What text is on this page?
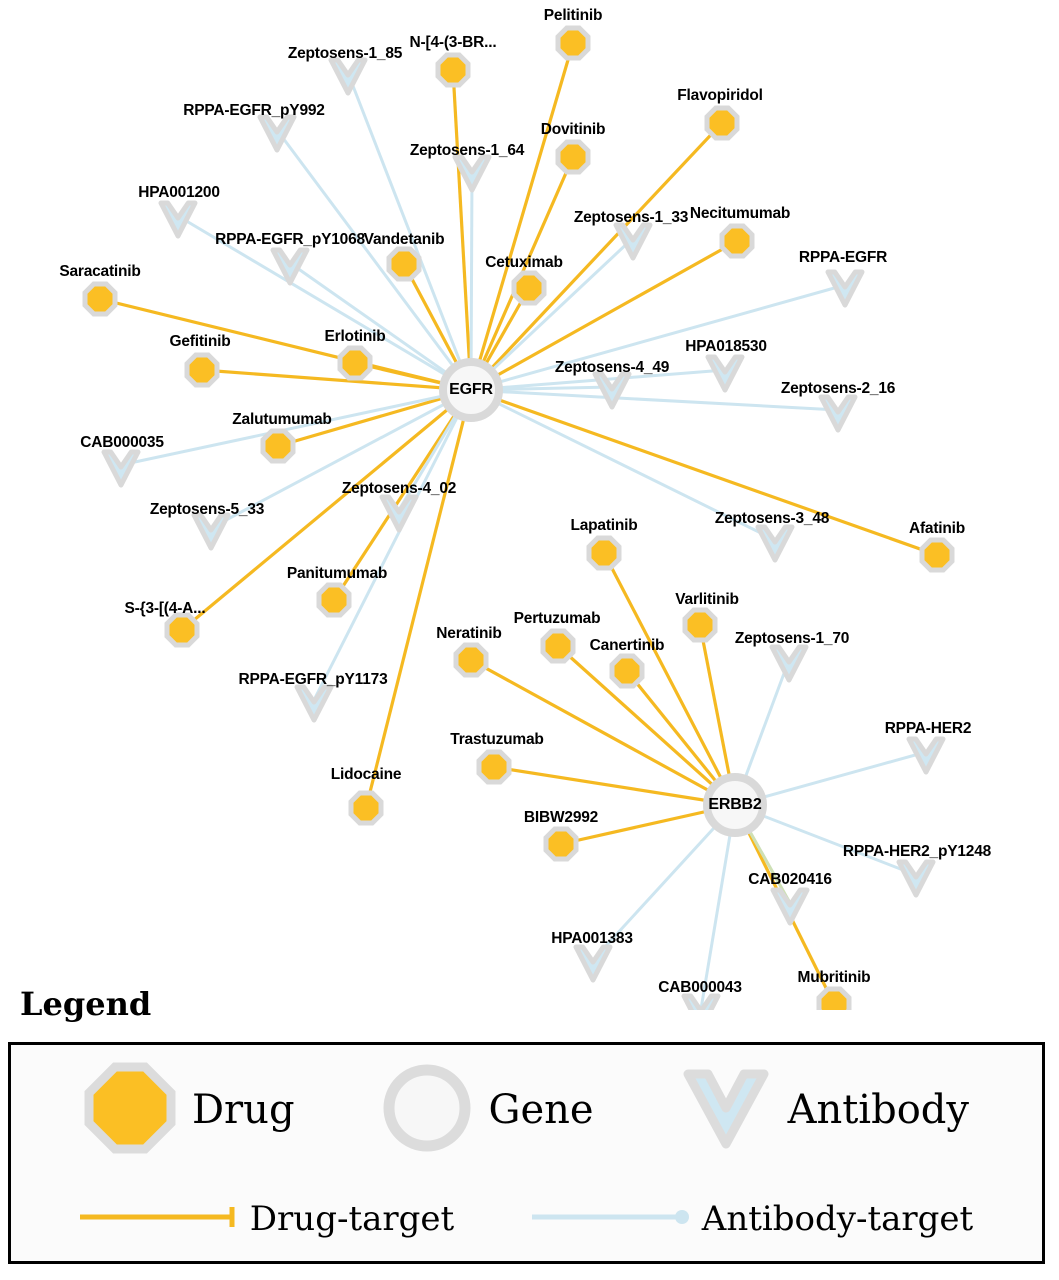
Zeptosens-1_85
RPPA-EGFR_pY992
Zeptosens-1_64
HPA001200
Zeptosens-1_33
RPPA-EGFR_pY1068
RPPA-EGFR
HPA018530
Zeptosens-4_49
Zeptosens-2_16
CAB000035
Zeptosens-4_02
Zeptosens-5_33
Zeptosens-3_48
RPPA-EGFR_pY1173
Zeptosens-1_70
RPPA-HER2
RPPA-HER2_pY1248
CAB020416
HPA001383
CAB000043
Pelitinib
N-[4-(3-BR...
Flavopiridol
Dovitinib
Necitumumab
Vandetanib
Cetuximab
Saracatinib
Gefitinib	Erlotinib
Zalutumumab
Afatinib
Lapatinib
Varlitinib
Panitumumab
S-{3-[(4-A...
Pertuzumab
Neratinib
Canertinib
Trastuzumab
Lidocaine
BIBW2992
Mubritinib
EGFR
ERBB2
Legend
Drug	Gene	Antibody
Drug-target	Antibody-target
